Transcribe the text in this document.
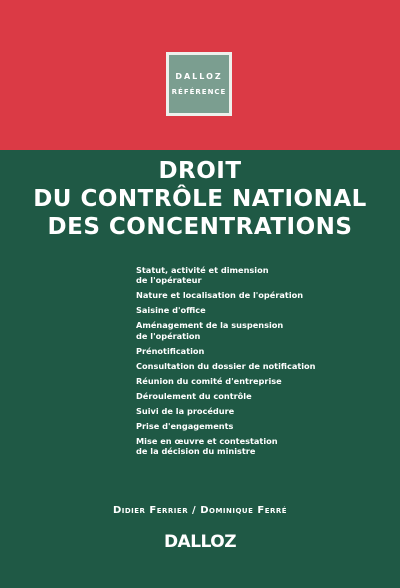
DALLOZ
RÉFÉRENCE
DROIT
DU CONTRÔLE NATIONAL
DES CONCENTRATIONS
Statut, activité et dimension
de l'opérateur
Nature et localisation de l'opération
Saisine d'office
Aménagement de la suspension
de l'opération
Prénotification
Consultation du dossier de notification
Réunion du comité d'entreprise
Déroulement du contrôle
Suivi de la procédure
Prise d'engagements
Mise en œuvre et contestation
de la décision du ministre
Didier Ferrier / Dominique Ferré
DALLOZ
